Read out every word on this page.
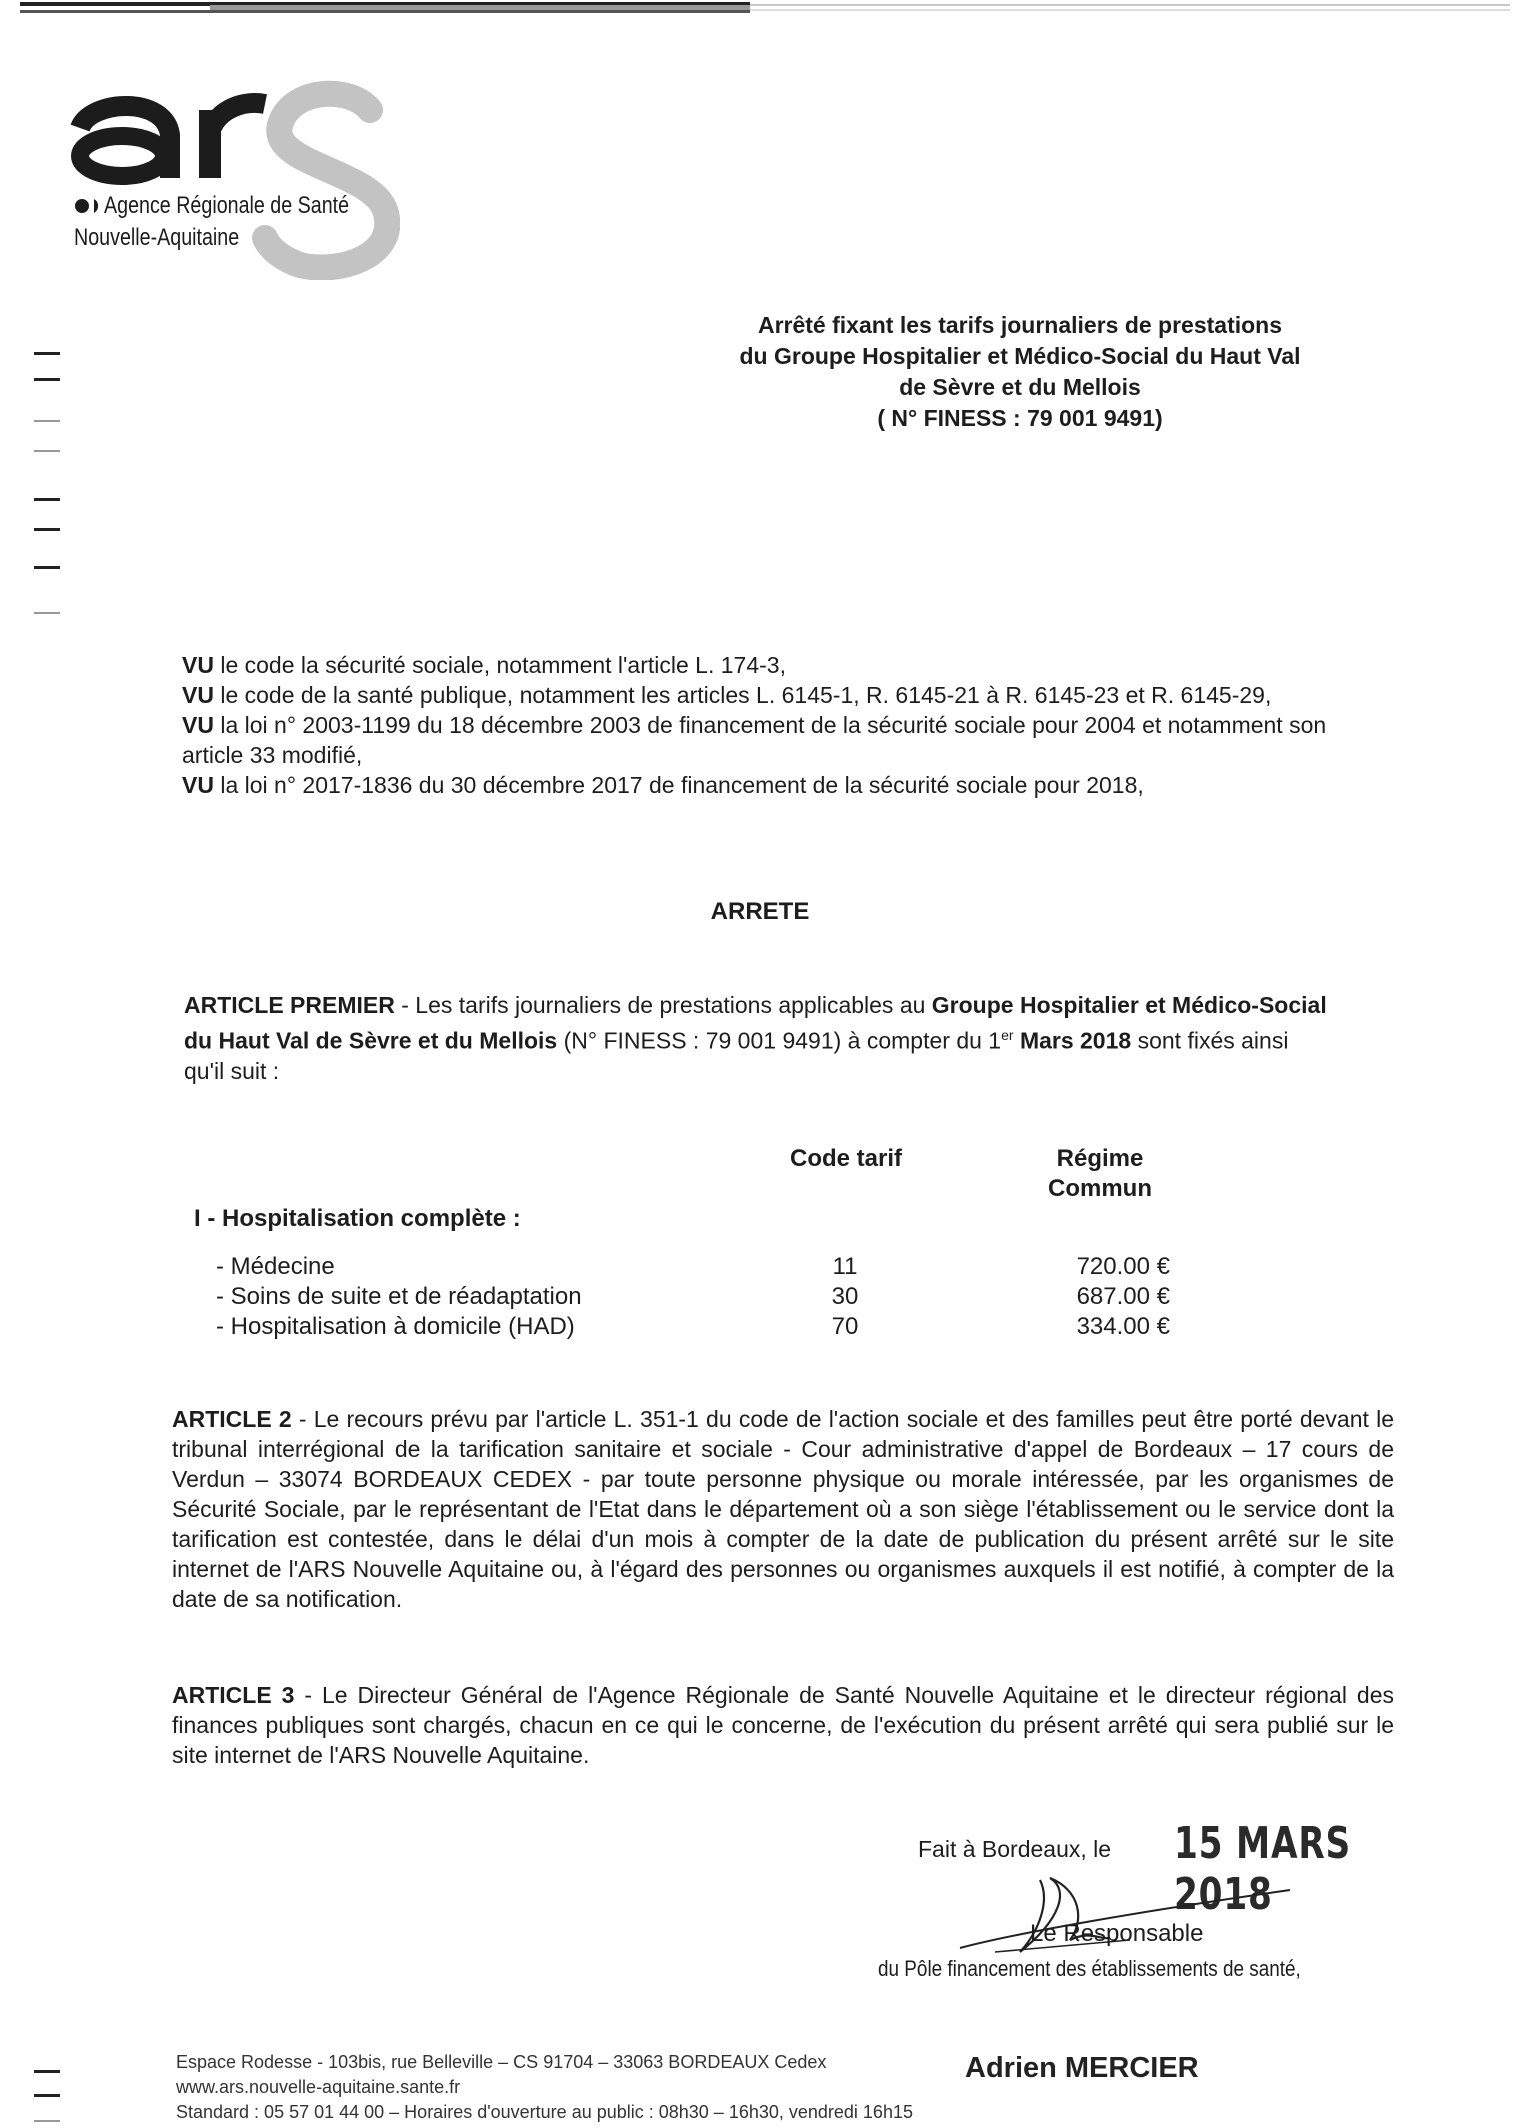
Agence Régionale de Santé
Nouvelle-Aquitaine
Arrêté fixant les tarifs journaliers de prestations
du Groupe Hospitalier et Médico-Social du Haut Val
de Sèvre et du Mellois
( N° FINESS : 79 001 9491)

VU le code la sécurité sociale, notamment l'article L. 174-3,

VU le code de la santé publique, notamment les articles L. 6145-1, R. 6145-21 à R. 6145-23 et R. 6145-29,

VU la loi n° 2003-1199 du 18 décembre 2003 de financement de la sécurité sociale pour 2004 et notamment son article 33 modifié,

VU la loi n° 2017-1836 du 30 décembre 2017 de financement de la sécurité sociale pour 2018,

ARRETE

ARTICLE PREMIER - Les tarifs journaliers de prestations applicables au Groupe Hospitalier et Médico-Social du Haut Val de Sèvre et du Mellois (N° FINESS : 79 001 9491) à compter du 1er Mars 2018 sont fixés ainsi qu'il suit :

Code tarif	Régime
Commun
I - Hospitalisation complète :
- Médecine	11	720.00 €
- Soins de suite et de réadaptation	30	687.00 €
- Hospitalisation à domicile (HAD)	70	334.00 €

ARTICLE 2 - Le recours prévu par l'article L. 351-1 du code de l'action sociale et des familles peut être porté devant le tribunal interrégional de la tarification sanitaire et sociale - Cour administrative d'appel de Bordeaux – 17 cours de Verdun – 33074 BORDEAUX CEDEX - par toute personne physique ou morale intéressée, par les organismes de Sécurité Sociale, par le représentant de l'Etat dans le département où a son siège l'établissement ou le service dont la tarification est contestée, dans le délai d'un mois à compter de la date de publication du présent arrêté sur le site internet de l'ARS Nouvelle Aquitaine ou, à l'égard des personnes ou organismes auxquels il est notifié, à compter de la date de sa notification.

ARTICLE 3 - Le Directeur Général de l'Agence Régionale de Santé Nouvelle Aquitaine et le directeur régional des finances publiques sont chargés, chacun en ce qui le concerne, de l'exécution du présent arrêté qui sera publié sur le site internet de l'ARS Nouvelle Aquitaine.

Fait à Bordeaux, le 15 MARS 2018
Le Responsable
du Pôle financement des établissements de santé,
Adrien MERCIER

Espace Rodesse - 103bis, rue Belleville – CS 91704 – 33063 BORDEAUX Cedex

www.ars.nouvelle-aquitaine.sante.fr

Standard : 05 57 01 44 00 – Horaires d'ouverture au public : 08h30 – 16h30, vendredi 16h15
